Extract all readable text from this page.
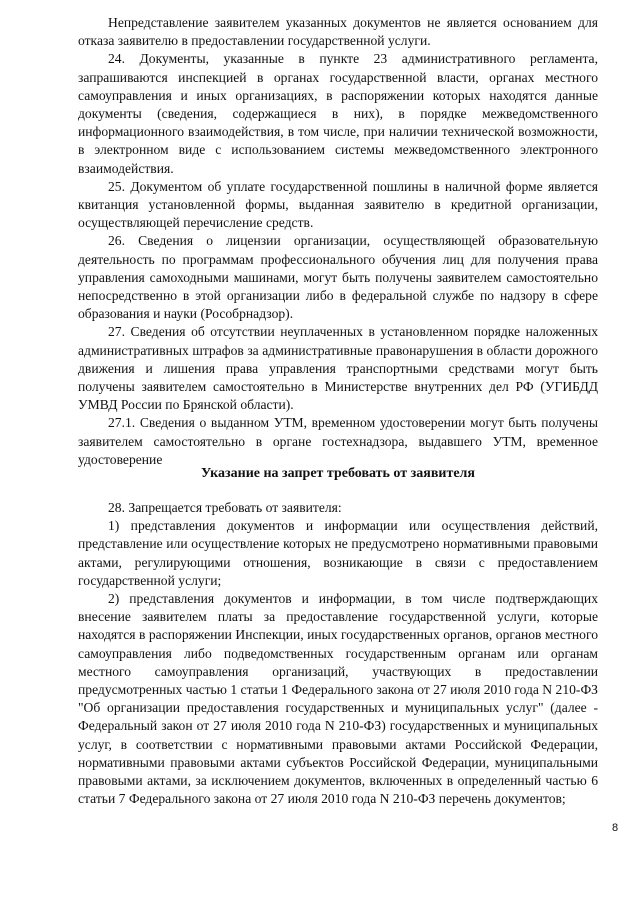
Непредставление заявителем указанных документов не является основанием для отказа заявителю в предоставлении государственной услуги.

24. Документы, указанные в пункте 23 административного регламента, запрашиваются инспекцией в органах государственной власти, органах местного самоуправления и иных организациях, в распоряжении которых находятся данные документы (сведения, содержащиеся в них), в порядке межведомственного информационного взаимодействия, в том числе, при наличии технической возможности, в электронном виде с использованием системы межведомственного электронного взаимодействия.

25. Документом об уплате государственной пошлины в наличной форме является квитанция установленной формы, выданная заявителю в кредитной организации, осуществляющей перечисление средств.

26. Сведения о лицензии организации, осуществляющей образовательную деятельность по программам профессионального обучения лиц для получения права управления самоходными машинами, могут быть получены заявителем самостоятельно непосредственно в этой организации либо в федеральной службе по надзору в сфере образования и науки (Рособрнадзор).

27. Сведения об отсутствии неуплаченных в установленном порядке наложенных административных штрафов за административные правонарушения в области дорожного движения и лишения права управления транспортными средствами могут быть получены заявителем самостоятельно в Министерстве внутренних дел РФ (УГИБДД УМВД России по Брянской области).

27.1. Сведения о выданном УТМ, временном удостоверении могут быть получены заявителем самостоятельно в органе гостехнадзора, выдавшего УТМ, временное удостоверение

Указание на запрет требовать от заявителя

28. Запрещается требовать от заявителя:

1) представления документов и информации или осуществления действий, представление или осуществление которых не предусмотрено нормативными правовыми актами, регулирующими отношения, возникающие в связи с предоставлением государственной услуги;

2) представления документов и информации, в том числе подтверждающих внесение заявителем платы за предоставление государственной услуги, которые находятся в распоряжении Инспекции, иных государственных органов, органов местного самоуправления либо подведомственных государственным органам или органам местного самоуправления организаций, участвующих в предоставлении предусмотренных частью 1 статьи 1 Федерального закона от 27 июля 2010 года N 210-ФЗ "Об организации предоставления государственных и муниципальных услуг" (далее - Федеральный закон от 27 июля 2010 года N 210-ФЗ) государственных и муниципальных услуг, в соответствии с нормативными правовыми актами Российской Федерации, нормативными правовыми актами субъектов Российской Федерации, муниципальными правовыми актами, за исключением документов, включенных в определенный частью 6 статьи 7 Федерального закона от 27 июля 2010 года N 210-ФЗ перечень документов;

8
